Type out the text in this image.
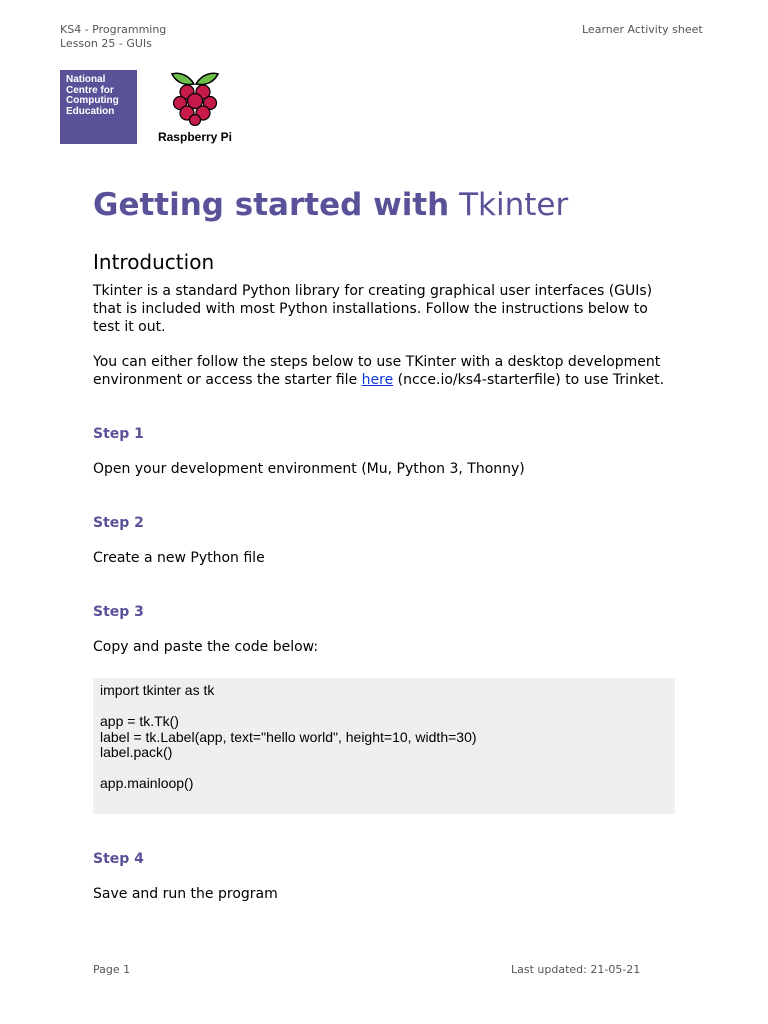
KS4 - Programming
Lesson 25 - GUIs
Learner Activity sheet
National
Centre for
Computing
Education
Raspberry Pi
Getting started with Tkinter
Introduction
Tkinter is a standard Python library for creating graphical user interfaces (GUIs) that is included with most Python installations. Follow the instructions below to test it out.
You can either follow the steps below to use TKinter with a desktop development environment or access the starter file here (ncce.io/ks4-starterfile) to use Trinket.
Step 1
Open your development environment (Mu, Python 3, Thonny)
Step 2
Create a new Python file
Step 3
Copy and paste the code below:
import tkinter as tk
app = tk.Tk()
label = tk.Label(app, text="hello world", height=10, width=30)
label.pack()
app.mainloop()
Step 4
Save and run the program
Page 1	Last updated: 21-05-21
